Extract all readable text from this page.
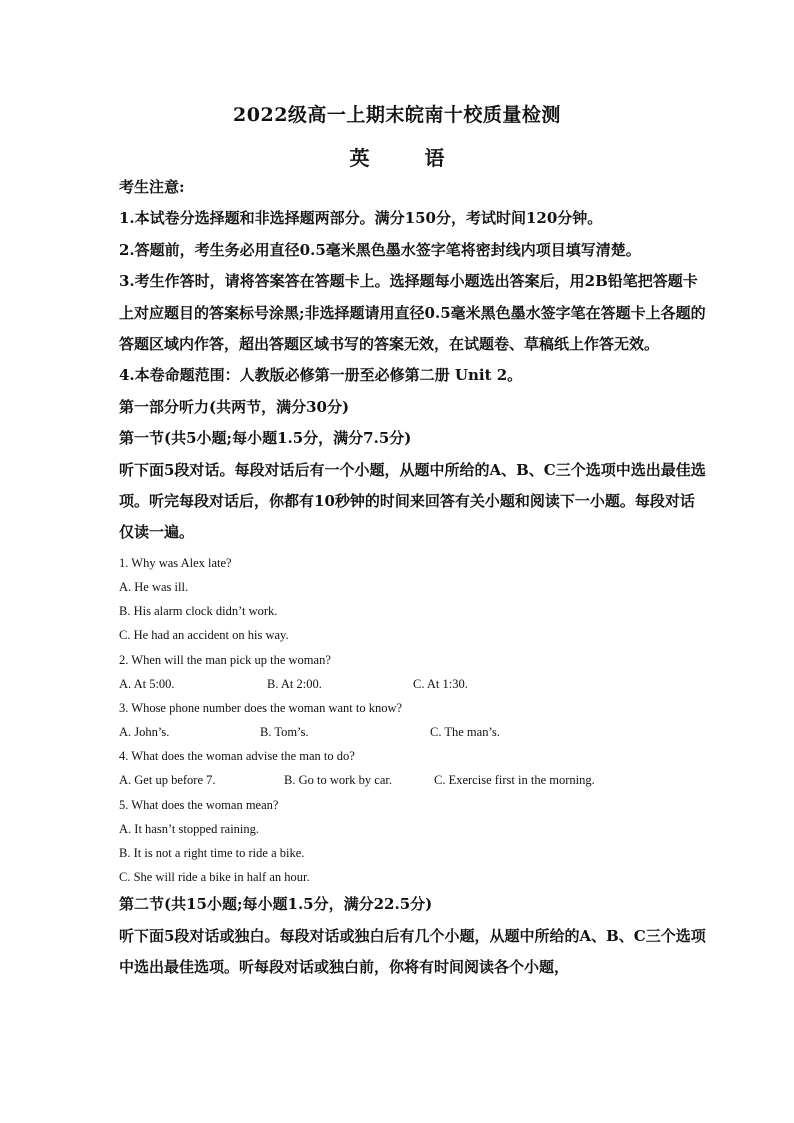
2022级高一上期末皖南十校质量检测
英 语
考生注意:
1.本试卷分选择题和非选择题两部分。满分150分，考试时间120分钟。
2.答题前，考生务必用直径0.5毫米黑色墨水签字笔将密封线内项目填写清楚。
3.考生作答时，请将答案答在答题卡上。选择题每小题选出答案后，用2B铅笔把答题卡上对应题目的答案标号涂黑;非选择题请用直径0.5毫米黑色墨水签字笔在答题卡上各题的答题区域内作答，超出答题区域书写的答案无效，在试题卷、草稿纸上作答无效。
4.本卷命题范围：人教版必修第一册至必修第二册 Unit 2。
第一部分听力(共两节，满分30分)
第一节(共5小题;每小题1.5分，满分7.5分)
听下面5段对话。每段对话后有一个小题，从题中所给的A、B、C三个选项中选出最佳选项。听完每段对话后，你都有10秒钟的时间来回答有关小题和阅读下一小题。每段对话仅读一遍。
1. Why was Alex late?
A. He was ill.
B. His alarm clock didn’t work.
C. He had an accident on his way.
2. When will the man pick up the woman?
A. At 5:00.	B. At 2:00.	C. At 1:30.
3. Whose phone number does the woman want to know?
A. John’s.	B. Tom’s.	C. The man’s.
4. What does the woman advise the man to do?
A. Get up before 7.	B. Go to work by car.	C. Exercise first in the morning.
5. What does the woman mean?
A. It hasn’t stopped raining.
B. It is not a right time to ride a bike.
C. She will ride a bike in half an hour.
第二节(共15小题;每小题1.5分，满分22.5分)
听下面5段对话或独白。每段对话或独白后有几个小题，从题中所给的A、B、C三个选项中选出最佳选项。听每段对话或独白前，你将有时间阅读各个小题，
